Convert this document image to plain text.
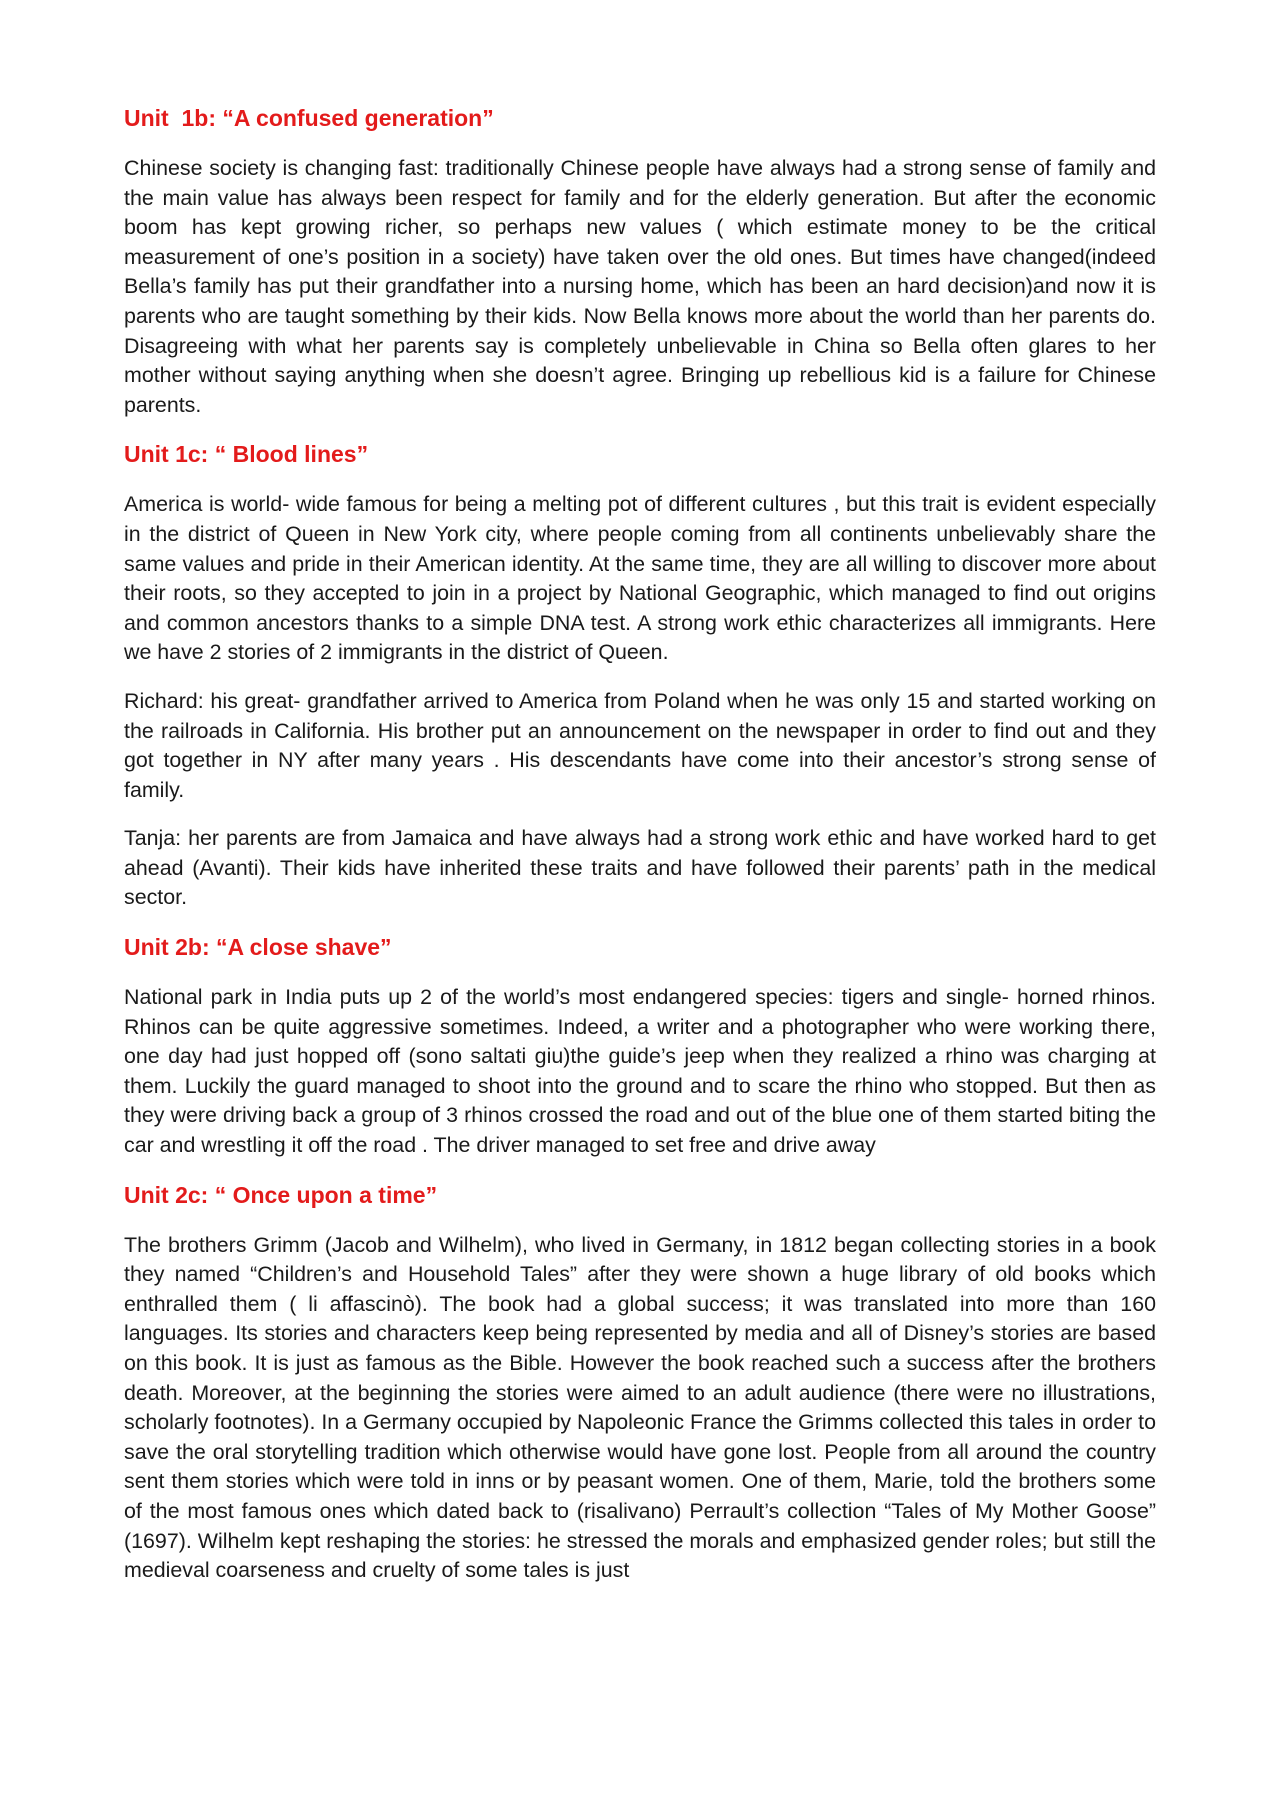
Unit  1b: “A confused generation”

Chinese society is changing fast: traditionally Chinese people have always had a strong sense of family and the main value has always been respect for family and for the elderly generation. But after the economic boom has kept growing richer, so perhaps new values ( which estimate money to be the critical measurement of one’s position in a society) have taken over the old ones. But times have changed(indeed Bella’s family has put their grandfather into a nursing home, which has been an hard decision)and now it is parents who are taught something by their kids. Now Bella knows more about the world than her parents do. Disagreeing with what her parents say is completely unbelievable in China so Bella often glares to her mother without saying anything when she doesn’t agree. Bringing up rebellious kid is a failure for Chinese parents.

Unit 1c: “ Blood lines”

America is world- wide famous for being a melting pot of different cultures , but this trait is evident especially in the district of Queen in New York city, where people coming from all continents unbelievably share the same values and pride in their American identity. At the same time, they are all willing to discover more about their roots, so they accepted to join in a project by National Geographic, which managed to find out origins and common ancestors thanks to a simple DNA test. A strong work ethic characterizes all immigrants. Here we have 2 stories of 2 immigrants in the district of Queen.

Richard: his great- grandfather arrived to America from Poland when he was only 15 and started working on the railroads in California. His brother put an announcement on the newspaper in order to find out and they got together in NY after many years . His descendants have come into their ancestor’s strong sense of family.

Tanja: her parents are from Jamaica and have always had a strong work ethic and have worked hard to get ahead (Avanti). Their kids have inherited these traits and have followed their parents’ path in the medical sector.

Unit 2b: “A close shave”

National park in India puts up 2 of the world’s most endangered species: tigers and single- horned rhinos. Rhinos can be quite aggressive sometimes. Indeed, a writer and a photographer who were working there, one day had just hopped off (sono saltati giu)the guide’s jeep when they realized a rhino was charging at them. Luckily the guard managed to shoot into the ground and to scare the rhino who stopped. But then as they were driving back a group of 3 rhinos crossed the road and out of the blue one of them started biting the car and wrestling it off the road . The driver managed to set free and drive away

Unit 2c: “ Once upon a time”

The brothers Grimm (Jacob and Wilhelm), who lived in Germany, in 1812 began collecting stories in a book they named “Children’s and Household Tales” after they were shown a huge library of old books which enthralled them ( li affascinò). The book had a global success; it was translated into more than 160 languages. Its stories and characters keep being represented by media and all of Disney’s stories are based on this book. It is just as famous as the Bible. However the book reached such a success after the brothers death. Moreover, at the beginning the stories were aimed to an adult audience (there were no illustrations, scholarly footnotes). In a Germany occupied by Napoleonic France the Grimms collected this tales in order to save the oral storytelling tradition which otherwise would have gone lost. People from all around the country sent them stories which were told in inns or by peasant women. One of them, Marie, told the brothers some of the most famous ones which dated back to (risalivano) Perrault’s collection “Tales of My Mother Goose” (1697). Wilhelm kept reshaping the stories: he stressed the morals and emphasized gender roles; but still the medieval coarseness and cruelty of some tales is just
